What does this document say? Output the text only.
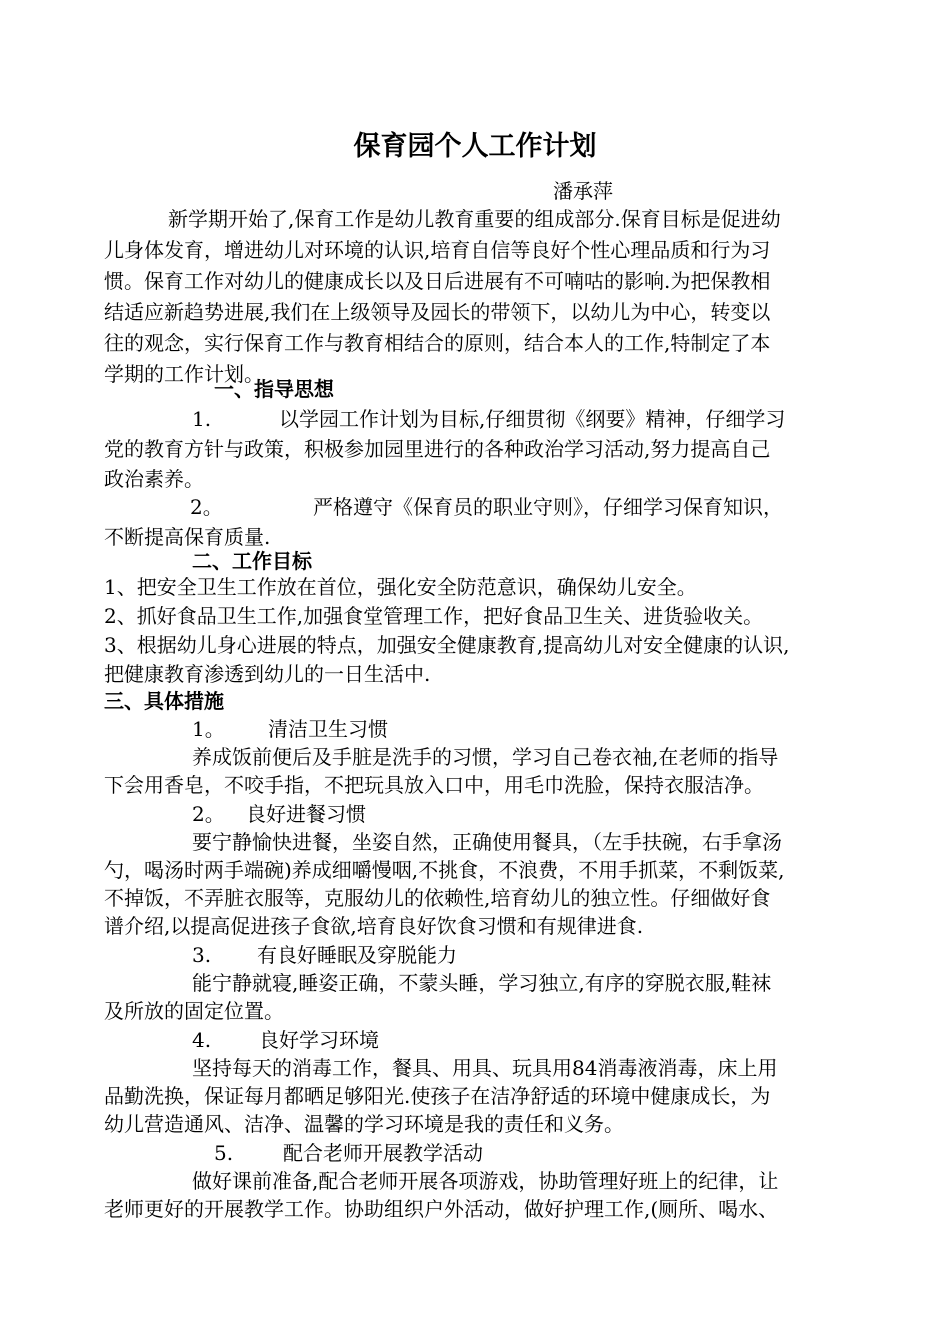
保育园个人工作计划
潘承萍
新学期开始了,保育工作是幼儿教育重要的组成部分.保育目标是促进幼
儿身体发育，增进幼儿对环境的认识,培育自信等良好个性心理品质和行为习
惯。保育工作对幼儿的健康成长以及日后进展有不可喃咕的影响.为把保教相
结适应新趋势进展,我们在上级领导及园长的带领下，以幼儿为中心，转变以
往的观念，实行保育工作与教育相结合的原则，结合本人的工作,特制定了本
学期的工作计划。
一、指导思想
1.	以学园工作计划为目标,仔细贯彻《纲要》精神，仔细学习
党的教育方针与政策，积极参加园里进行的各种政治学习活动,努力提高自己
政治素养。
2。	严格遵守《保育员的职业守则》，仔细学习保育知识，
不断提高保育质量.
二、工作目标
1、把安全卫生工作放在首位，强化安全防范意识，确保幼儿安全。
2、抓好食品卫生工作,加强食堂管理工作，把好食品卫生关、进货验收关。
3、根据幼儿身心进展的特点，加强安全健康教育,提高幼儿对安全健康的认识,
把健康教育渗透到幼儿的一日生活中.
三、具体措施
1。 清洁卫生习惯
养成饭前便后及手脏是洗手的习惯，学习自己卷衣袖,在老师的指导
下会用香皂，不咬手指，不把玩具放入口中，用毛巾洗脸，保持衣服洁净。
2。 良好进餐习惯
要宁静愉快进餐，坐姿自然，正确使用餐具，（左手扶碗，右手拿汤
勺，喝汤时两手端碗)养成细嚼慢咽,不挑食，不浪费，不用手抓菜，不剩饭菜,
不掉饭，不弄脏衣服等，克服幼儿的依赖性,培育幼儿的独立性。仔细做好食
谱介绍,以提高促进孩子食欲,培育良好饮食习惯和有规律进食.
3. 有良好睡眠及穿脱能力
能宁静就寝,睡姿正确，不蒙头睡，学习独立,有序的穿脱衣服,鞋袜
及所放的固定位置。
4. 良好学习环境
坚持每天的消毒工作，餐具、用具、玩具用84消毒液消毒，床上用
品勤洗换，保证每月都晒足够阳光.使孩子在洁净舒适的环境中健康成长，为
幼儿营造通风、洁净、温馨的学习环境是我的责任和义务。
5. 配合老师开展教学活动
做好课前准备,配合老师开展各项游戏，协助管理好班上的纪律，让
老师更好的开展教学工作。协助组织户外活动，做好护理工作,(厕所、喝水、
